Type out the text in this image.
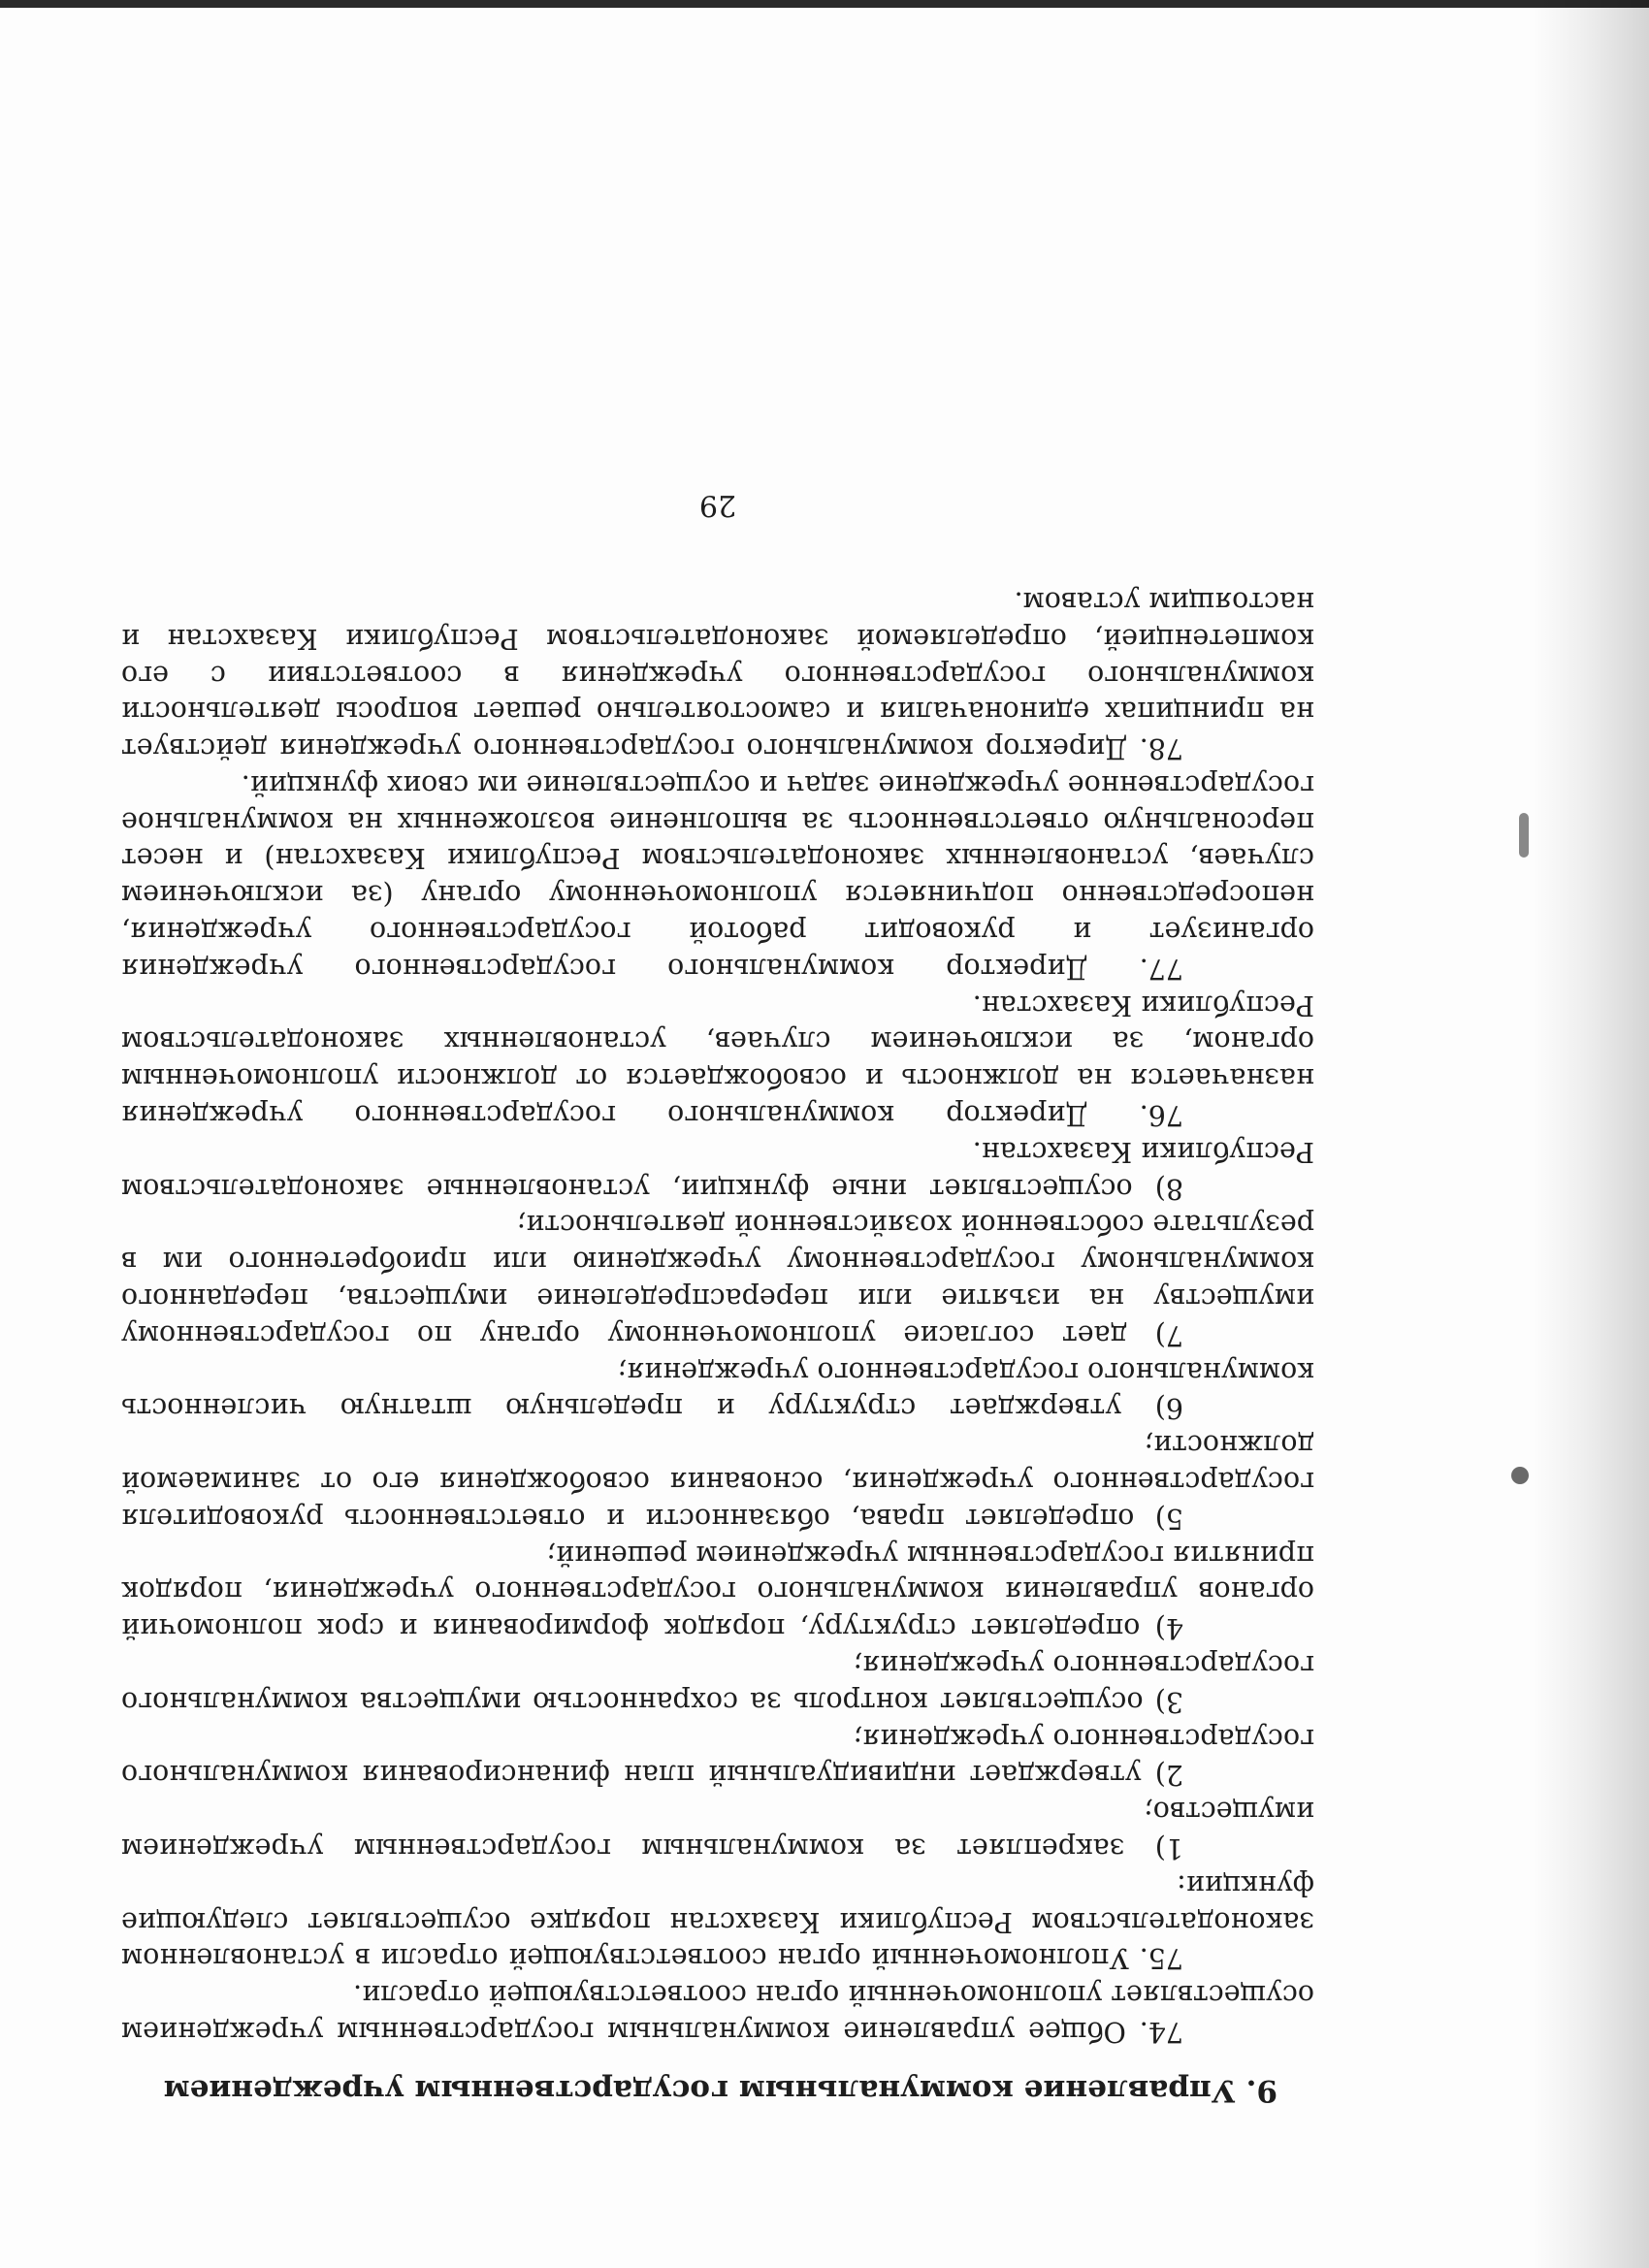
9. Управление коммунальным государственным учреждением

74. Общее управление коммунальным государственным учреждением осуществляет уполномоченный орган соответствующей отрасли.

75. Уполномоченный орган соответствующей отрасли в установленном законодательством Республики Казахстан порядке осуществляет следующие функции:

1) закрепляет за коммунальным государственным учреждением имущество;

2) утверждает индивидуальный план финансирования коммунального государственного учреждения;

3) осуществляет контроль за сохранностью имущества коммунального государственного учреждения;

4) определяет структуру, порядок формирования и срок полномочий органов управления коммунального государственного учреждения, порядок принятия государственным учреждением решений;

5) определяет права, обязанности и ответственность руководителя государственного учреждения, основания освобождения его от занимаемой должности;

6) утверждает структуру и предельную штатную численность коммунального государственного учреждения;

7) дает согласие уполномоченному органу по государственному имуществу на изъятие или перераспределение имущества, переданного коммунальному государственному учреждению или приобретенного им в результате собственной хозяйственной деятельности;

8) осуществляет иные функции, установленные законодательством Республики Казахстан.

76. Директор коммунального государственного учреждения назначается на должность и освобождается от должности уполномоченным органом, за исключением случаев, установленных законодательством Республики Казахстан.

77. Директор коммунального государственного учреждения организует и руководит работой государственного учреждения, непосредственно подчиняется уполномоченному органу (за исключением случаев, установленных законодательством Республики Казахстан) и несет персональную ответственность за выполнение возложенных на коммунальное государственное учреждение задач и осуществление им своих функций.

78. Директор коммунального государственного учреждения действует на принципах единоначалия и самостоятельно решает вопросы деятельности коммунального государственного учреждения в соответствии с его компетенцией, определяемой законодательством Республики Казахстан и настоящим уставом.

29
